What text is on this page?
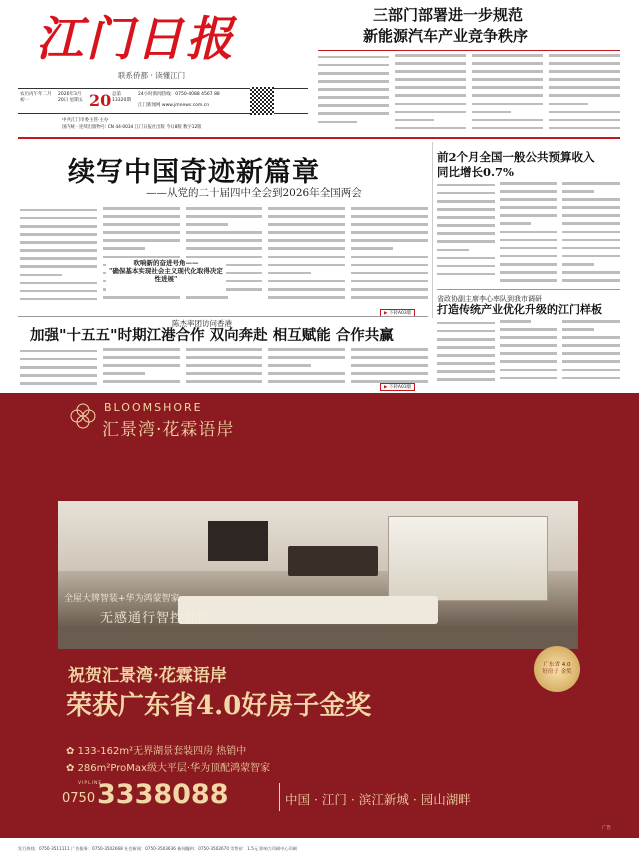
江门日报
联系侨都 · 读懂江门
农历丙午年二月初一
2026年3月20日 星期五 20 总第13320期
24小时新闻热线：0750-4088 4567 88
江门新闻网 www.jmnews.com.cn
中共江门市委主管·主办
国内统一连续出版物号: CN 44-0034 江门日报社出版 今日8版 数字12版
三部门部署进一步规范
新能源汽车产业竞争秩序
续写中国奇迹新篇章
——从党的二十届四中全会到2026年全国两会
吹响新的奋进号角——
"确保基本实现社会主义现代化取得决定性进展"
▶ 下转A03版
前2个月全国一般公共预算收入
同比增长0.7%
省政协副主席李心率队到我市调研
打造传统产业优化升级的江门样板
陈杰率团访问香港
加强"十五五"时期江港合作 双向奔赴 相互赋能 合作共赢
▶ 下转A03版
BLOOMSHORE
汇景湾·花霖语岸
全屋大牌智装+华为鸿蒙智家
无感通行智控社区
祝贺汇景湾·花霖语岸
荣获广东省4.0好房子金奖
广东省 4.0好房子 金奖
✿ 133-162m²无界湖景套装四房 热销中
✿ 286m²ProMax级大平层·华为顶配鸿蒙智家
VIPLINE
0750 3338088	中国 · 江门 · 滨江新城 · 园山湖畔
广告
发行热线：0750-3511111 广告服务：0750-3502668 社会新闻：0750-3503636 新闻爆料：0750-3502670 零售价：1.5元 影响力印刷中心印刷
